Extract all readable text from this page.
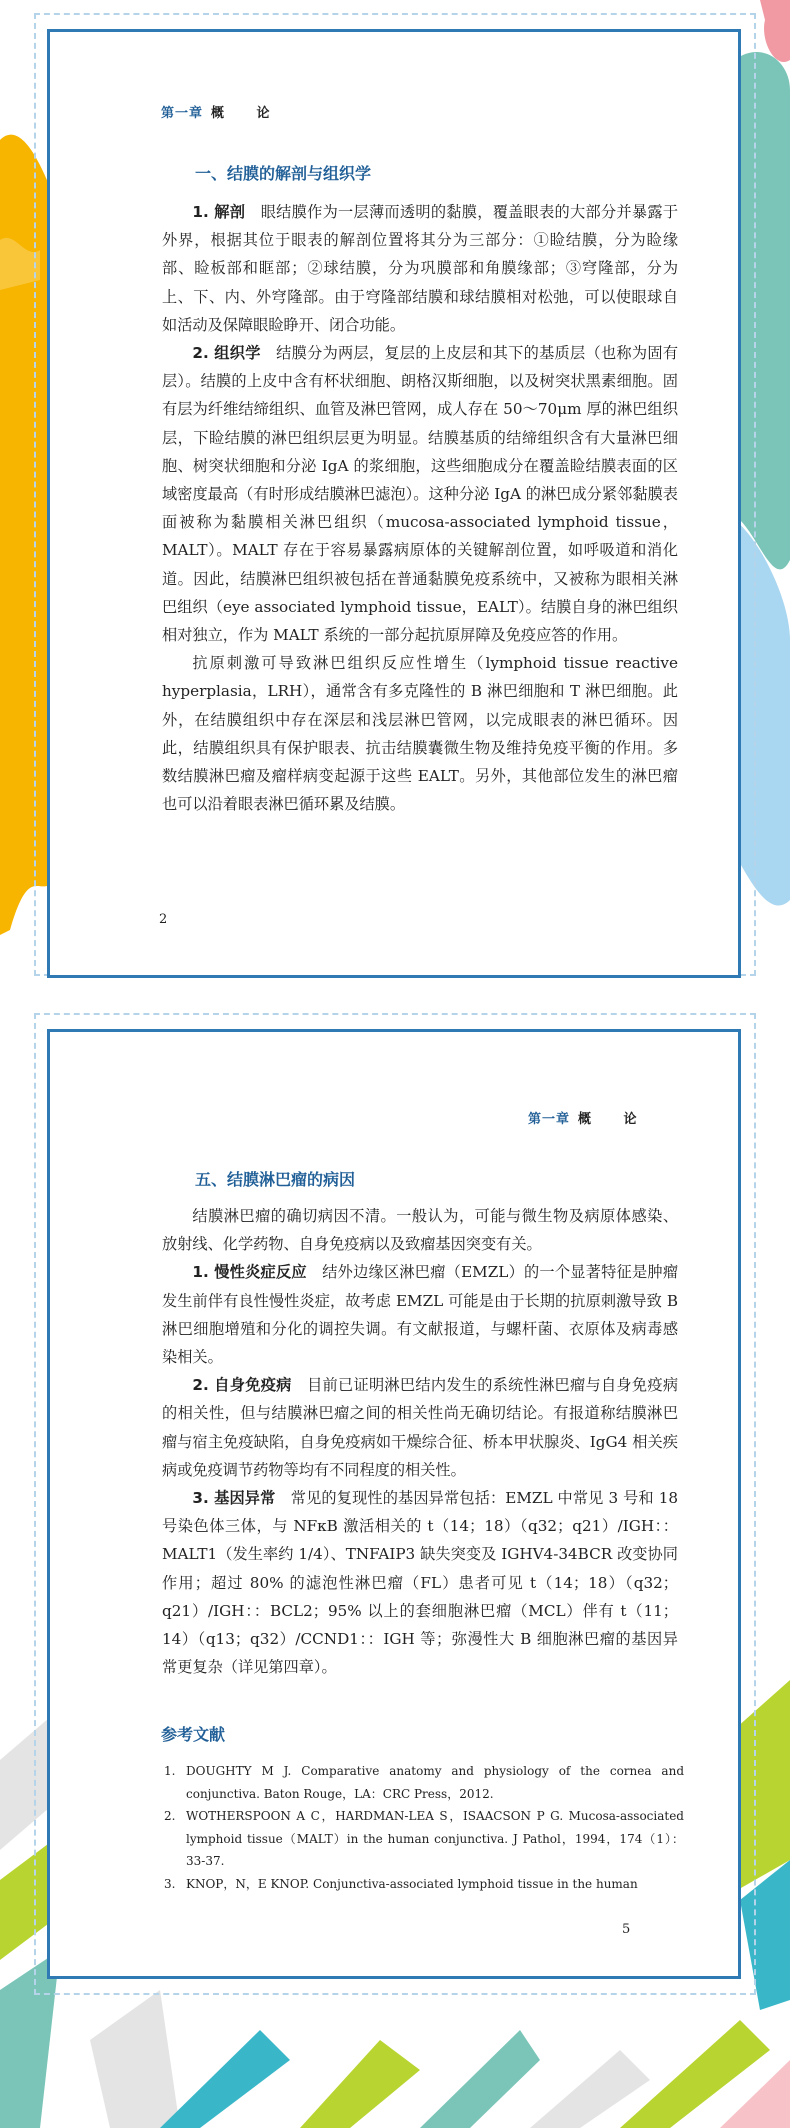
第一章 概 论
一、结膜的解剖与组织学

1. 解剖　 眼结膜作为一层薄而透明的黏膜，覆盖眼表的大部分并暴露于外界，根据其位于眼表的解剖位置将其分为三部分：①睑结膜，分为睑缘部、睑板部和眶部；②球结膜，分为巩膜部和角膜缘部；③穹隆部，分为上、下、内、外穹隆部。由于穹隆部结膜和球结膜相对松弛，可以使眼球自如活动及保障眼睑睁开、闭合功能。

2. 组织学　 结膜分为两层，复层的上皮层和其下的基质层（也称为固有层）。结膜的上皮中含有杯状细胞、朗格汉斯细胞，以及树突状黑素细胞。固有层为纤维结缔组织、血管及淋巴管网，成人存在 50～70μm 厚的淋巴组织层，下睑结膜的淋巴组织层更为明显。结膜基质的结缔组织含有大量淋巴细胞、树突状细胞和分泌 IgA 的浆细胞，这些细胞成分在覆盖睑结膜表面的区域密度最高（有时形成结膜淋巴滤泡）。这种分泌 IgA 的淋巴成分紧邻黏膜表面被称为黏膜相关淋巴组织（mucosa-associated lymphoid tissue，MALT）。MALT 存在于容易暴露病原体的关键解剖位置，如呼吸道和消化道。因此，结膜淋巴组织被包括在普通黏膜免疫系统中，又被称为眼相关淋巴组织（eye associated lymphoid tissue，EALT）。结膜自身的淋巴组织相对独立，作为 MALT 系统的一部分起抗原屏障及免疫应答的作用。

抗原刺激可导致淋巴组织反应性增生（lymphoid tissue reactive hyperplasia，LRH），通常含有多克隆性的 B 淋巴细胞和 T 淋巴细胞。此外，在结膜组织中存在深层和浅层淋巴管网，以完成眼表的淋巴循环。因此，结膜组织具有保护眼表、抗击结膜囊微生物及维持免疫平衡的作用。多数结膜淋巴瘤及瘤样病变起源于这些 EALT。另外，其他部位发生的淋巴瘤也可以沿着眼表淋巴循环累及结膜。

2
第一章 概 论
五、结膜淋巴瘤的病因

结膜淋巴瘤的确切病因不清。一般认为，可能与微生物及病原体感染、放射线、化学药物、自身免疫病以及致瘤基因突变有关。

1. 慢性炎症反应　 结外边缘区淋巴瘤（EMZL）的一个显著特征是肿瘤发生前伴有良性慢性炎症，故考虑 EMZL 可能是由于长期的抗原刺激导致 B 淋巴细胞增殖和分化的调控失调。有文献报道，与螺杆菌、衣原体及病毒感染相关。

2. 自身免疫病　 目前已证明淋巴结内发生的系统性淋巴瘤与自身免疫病的相关性，但与结膜淋巴瘤之间的相关性尚无确切结论。有报道称结膜淋巴瘤与宿主免疫缺陷，自身免疫病如干燥综合征、桥本甲状腺炎、IgG4 相关疾病或免疫调节药物等均有不同程度的相关性。

3. 基因异常　 常见的复现性的基因异常包括：EMZL 中常见 3 号和 18 号染色体三体，与 NFκB 激活相关的 t（14；18）（q32；q21）/IGH：：MALT1（发生率约 1/4）、TNFAIP3 缺失突变及 IGHV4-34BCR 改变协同作用；超过 80% 的滤泡性淋巴瘤（FL）患者可见 t（14；18）（q32；q21）/IGH：：BCL2；95% 以上的套细胞淋巴瘤（MCL）伴有 t（11；14）（q13；q32）/CCND1：：IGH 等；弥漫性大 B 细胞淋巴瘤的基因异常更复杂（详见第四章）。

参考文献
1. DOUGHTY M J. Comparative anatomy and physiology of the cornea and conjunctiva. Baton Rouge，LA：CRC Press，2012.
2. WOTHERSPOON A C，HARDMAN-LEA S，ISAACSON P G. Mucosa-associated lymphoid tissue（MALT）in the human conjunctiva. J Pathol，1994，174（1）：33-37.
3. KNOP，N，E KNOP. Conjunctiva-associated lymphoid tissue in the human
5
